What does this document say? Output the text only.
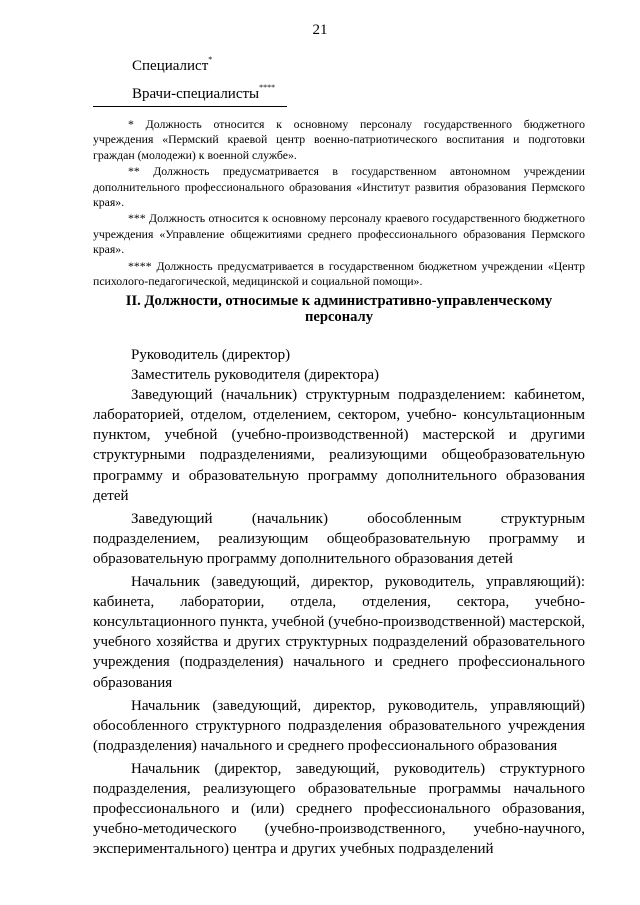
21
Специалист*
Врачи-специалисты****

* Должность относится к основному персоналу государственного бюджетного учреждения «Пермский краевой центр военно-патриотического воспитания и подготовки граждан (молодежи) к военной службе».

** Должность предусматривается в государственном автономном учреждении дополнительного профессионального образования «Институт развития образования Пермского края».

*** Должность относится к основному персоналу краевого государственного бюджетного учреждения «Управление общежитиями среднего профессионального образования Пермского края».

**** Должность предусматривается в государственном бюджетном учреждении «Центр психолого-педагогической, медицинской и социальной помощи».

II. Должности, относимые к административно-управленческому персоналу

Руководитель (директор)

Заместитель руководителя (директора)

Заведующий (начальник) структурным подразделением: кабинетом, лабораторией, отделом, отделением, сектором, учебно- консультационным пунктом, учебной (учебно-производственной) мастерской и другими структурными подразделениями, реализующими общеобразовательную программу и образовательную программу дополнительного образования детей

Заведующий (начальник) обособленным структурным подразделением, реализующим общеобразовательную программу и образовательную программу дополнительного образования детей

Начальник (заведующий, директор, руководитель, управляющий): кабинета, лаборатории, отдела, отделения, сектора, учебно-консультационного пункта, учебной (учебно-производственной) мастерской, учебного хозяйства и других структурных подразделений образовательного учреждения (подразделения) начального и среднего профессионального образования

Начальник (заведующий, директор, руководитель, управляющий) обособленного структурного подразделения образовательного учреждения (подразделения) начального и среднего профессионального образования

Начальник (директор, заведующий, руководитель) структурного подразделения, реализующего образовательные программы начального профессионального и (или) среднего профессионального образования, учебно-методического (учебно-производственного, учебно-научного, экспериментального) центра и других учебных подразделений
